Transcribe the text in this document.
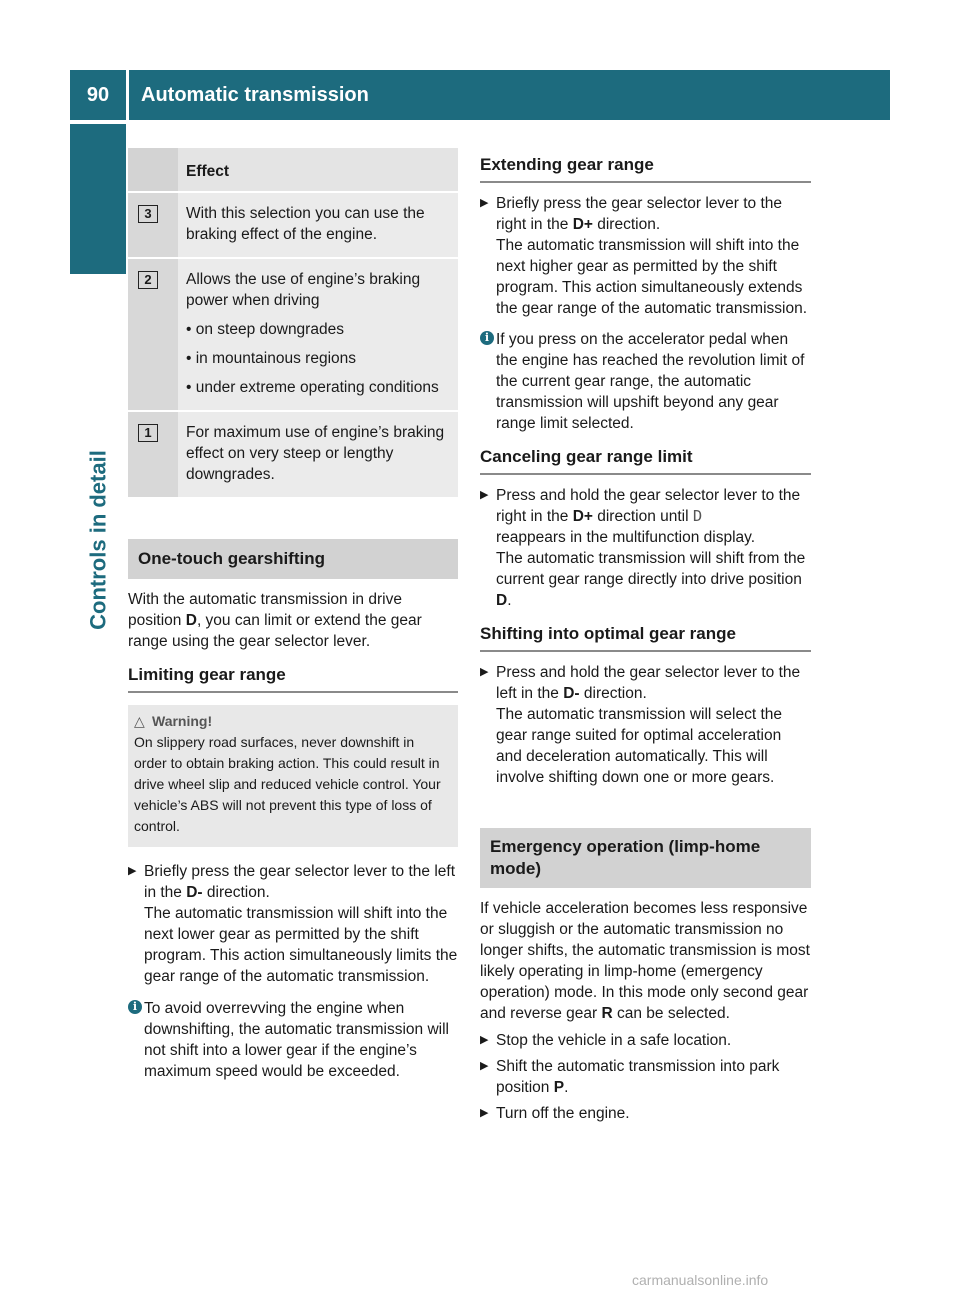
90	Automatic transmission
Controls in detail
	Effect
3	With this selection you can use the braking effect of the engine.
2	Allows the use of engine’s braking power when driving
• on steep downgrades
• in mountainous regions
• under extreme operating conditions

1	For maximum use of engine’s braking effect on very steep or lengthy downgrades.
One-touch gearshifting

With the automatic transmission in drive position D, you can limit or extend the gear range using the gear selector lever.

Limiting gear range
△ Warning!
On slippery road surfaces, never downshift in order to obtain braking action. This could result in drive wheel slip and reduced vehicle control. Your vehicle’s ABS will not prevent this type of loss of control.
▶ Briefly press the gear selector lever to the left in the D- direction.
The automatic transmission will shift into the next lower gear as permitted by the shift program. This action simultaneously limits the gear range of the automatic transmission.
i To avoid overrevving the engine when downshifting, the automatic transmission will not shift into a lower gear if the engine’s maximum speed would be exceeded.
Extending gear range
▶ Briefly press the gear selector lever to the right in the D+ direction.
The automatic transmission will shift into the next higher gear as permitted by the shift program. This action simultaneously extends the gear range of the automatic transmission.
i If you press on the accelerator pedal when the engine has reached the revolution limit of the current gear range, the automatic transmission will upshift beyond any gear range limit selected.
Canceling gear range limit
▶ Press and hold the gear selector lever to the right in the D+ direction until D
reappears in the multifunction display.
The automatic transmission will shift from the current gear range directly into drive position D.
Shifting into optimal gear range
▶ Press and hold the gear selector lever to the left in the D- direction.
The automatic transmission will select the gear range suited for optimal acceleration and deceleration automatically. This will involve shifting down one or more gears.
Emergency operation (limp-home mode)

If vehicle acceleration becomes less responsive or sluggish or the automatic transmission no longer shifts, the automatic transmission is most likely operating in limp-home (emergency operation) mode. In this mode only second gear and reverse gear R can be selected.

▶ Stop the vehicle in a safe location.
▶ Shift the automatic transmission into park position P.
▶ Turn off the engine.
carmanualsonline.info
